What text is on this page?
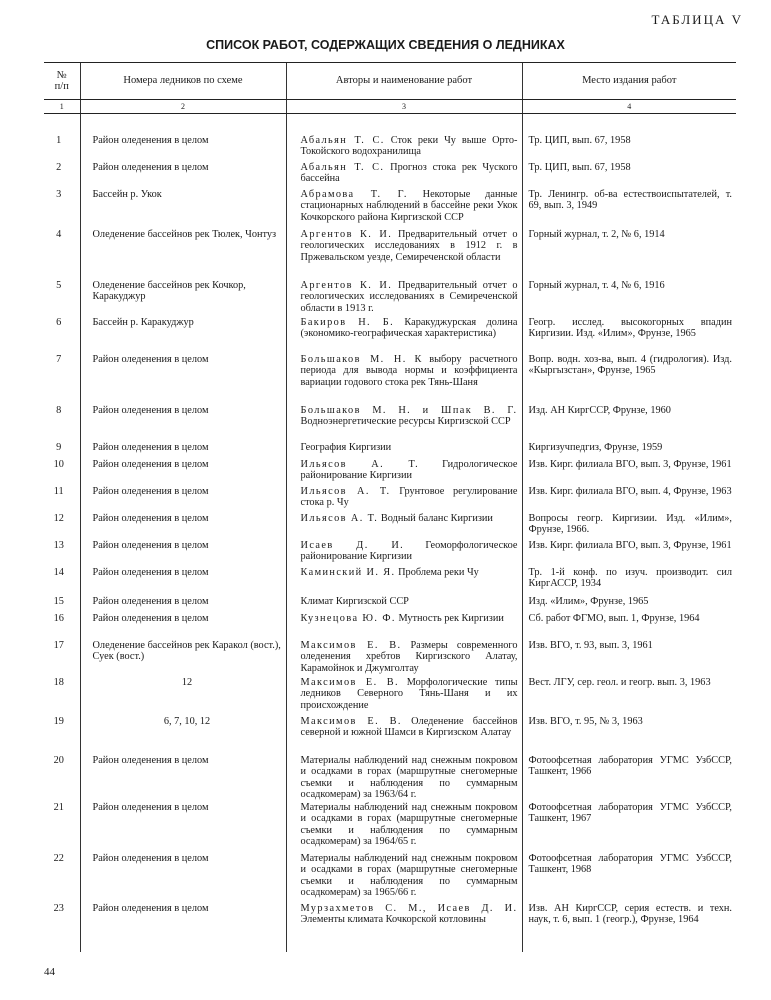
ТАБЛИЦА V
СПИСОК РАБОТ, СОДЕРЖАЩИХ СВЕДЕНИЯ О ЛЕДНИКАХ
№
п/п	Номера ледников по схеме	Авторы и наименование работ	Место издания работ
1	2	3	4

1	Район оледенения в целом	Абальян Т. С. Сток реки Чу выше Орто-Токойского водохранилища	Тр. ЦИП, вып. 67, 1958
2	Район оледенения в целом	Абальян Т. С. Прогноз стока рек Чуского бассейна	Тр. ЦИП, вып. 67, 1958
3	Бассейн р. Укок	Абрамова Т. Г. Некоторые данные стационарных наблюдений в бассейне реки Укок Кочкорского района Киргизской ССР	Тр. Ленингр. об-ва естествоиспытателей, т. 69, вып. 3, 1949
4	Оледенение бассейнов рек Тюлек, Чонтуз	Аргентов К. И. Предварительный отчет о геологических исследованиях в 1912 г. в Пржевальском уезде, Семиреченской области	Горный журнал, т. 2, № 6, 1914
5	Оледенение бассейнов рек Кочкор, Каракуджур	Аргентов К. И. Предварительный отчет о геологических исследованиях в Семиреченской области в 1913 г.	Горный журнал, т. 4, № 6, 1916
6	Бассейн р. Каракуджур	Бакиров Н. Б. Каракуджурская долина (экономико-географическая характеристика)	Геогр. исслед. высокогорных впадин Киргизии. Изд. «Илим», Фрунзе, 1965
7	Район оледенения в целом	Большаков М. Н. К выбору расчетного периода для вывода нормы и коэффициента вариации годового стока рек Тянь-Шаня	Вопр. водн. хоз-ва, вып. 4 (гидрология). Изд. «Кыргызстан», Фрунзе, 1965
8	Район оледенения в целом	Большаков М. Н. и Шпак В. Г. Водноэнергетические ресурсы Киргизской ССР	Изд. АН КиргССР, Фрунзе, 1960
9	Район оледенения в целом	География Киргизии	Киргизучпедгиз, Фрунзе, 1959
10	Район оледенения в целом	Ильясов А. Т. Гидрологическое районирование Киргизии	Изв. Кирг. филиала ВГО, вып. 3, Фрунзе, 1961
11	Район оледенения в целом	Ильясов А. Т. Грунтовое регулирование стока р. Чу	Изв. Кирг. филиала ВГО, вып. 4, Фрунзе, 1963
12	Район оледенения в целом	Ильясов А. Т. Водный баланс Киргизии	Вопросы геогр. Киргизии. Изд. «Илим», Фрунзе, 1966.
13	Район оледенения в целом	Исаев Д. И. Геоморфологическое районирование Киргизии	Изв. Кирг. филиала ВГО, вып. 3, Фрунзе, 1961
14	Район оледенения в целом	Каминский И. Я. Проблема реки Чу	Тр. 1-й конф. по изуч. производит. сил КиргАССР, 1934
15	Район оледенения в целом	Климат Киргизской ССР	Изд. «Илим», Фрунзе, 1965
16	Район оледенения в целом	Кузнецова Ю. Ф. Мутность рек Киргизии	Сб. работ ФГМО, вып. 1, Фрунзе, 1964
17	Оледенение бассейнов рек Каракол (вост.), Суек (вост.)	Максимов Е. В. Размеры современного оледенения хребтов Киргизского Алатау, Карамойнок и Джумголтау	Изв. ВГО, т. 93, вып. 3, 1961
18	12	Максимов Е. В. Морфологические типы ледников Северного Тянь-Шаня и их происхождение	Вест. ЛГУ, сер. геол. и геогр. вып. 3, 1963
19	6, 7, 10, 12	Максимов Е. В. Оледенение бассейнов северной и южной Шамси в Киргизском Алатау	Изв. ВГО, т. 95, № 3, 1963
20	Район оледенения в целом	Материалы наблюдений над снежным покровом и осадками в горах (маршрутные снегомерные съемки и наблюдения по суммарным осадкомерам) за 1963/64 г.	Фотоофсетная лаборатория УГМС УзбССР, Ташкент, 1966
21	Район оледенения в целом	Материалы наблюдений над снежным покровом и осадками в горах (маршрутные снегомерные съемки и наблюдения по суммарным осадкомерам) за 1964/65 г.	Фотоофсетная лаборатория УГМС УзбССР, Ташкент, 1967
22	Район оледенения в целом	Материалы наблюдений над снежным покровом и осадками в горах (маршрутные снегомерные съемки и наблюдения по суммарным осадкомерам) за 1965/66 г.	Фотоофсетная лаборатория УГМС УзбССР, Ташкент, 1968
23	Район оледенения в целом	Мурзахметов С. М., Исаев Д. И. Элементы климата Кочкорской котловины	Изв. АН КиргССР, серия естеств. и техн. наук, т. 6, вып. 1 (геогр.), Фрунзе, 1964
44
